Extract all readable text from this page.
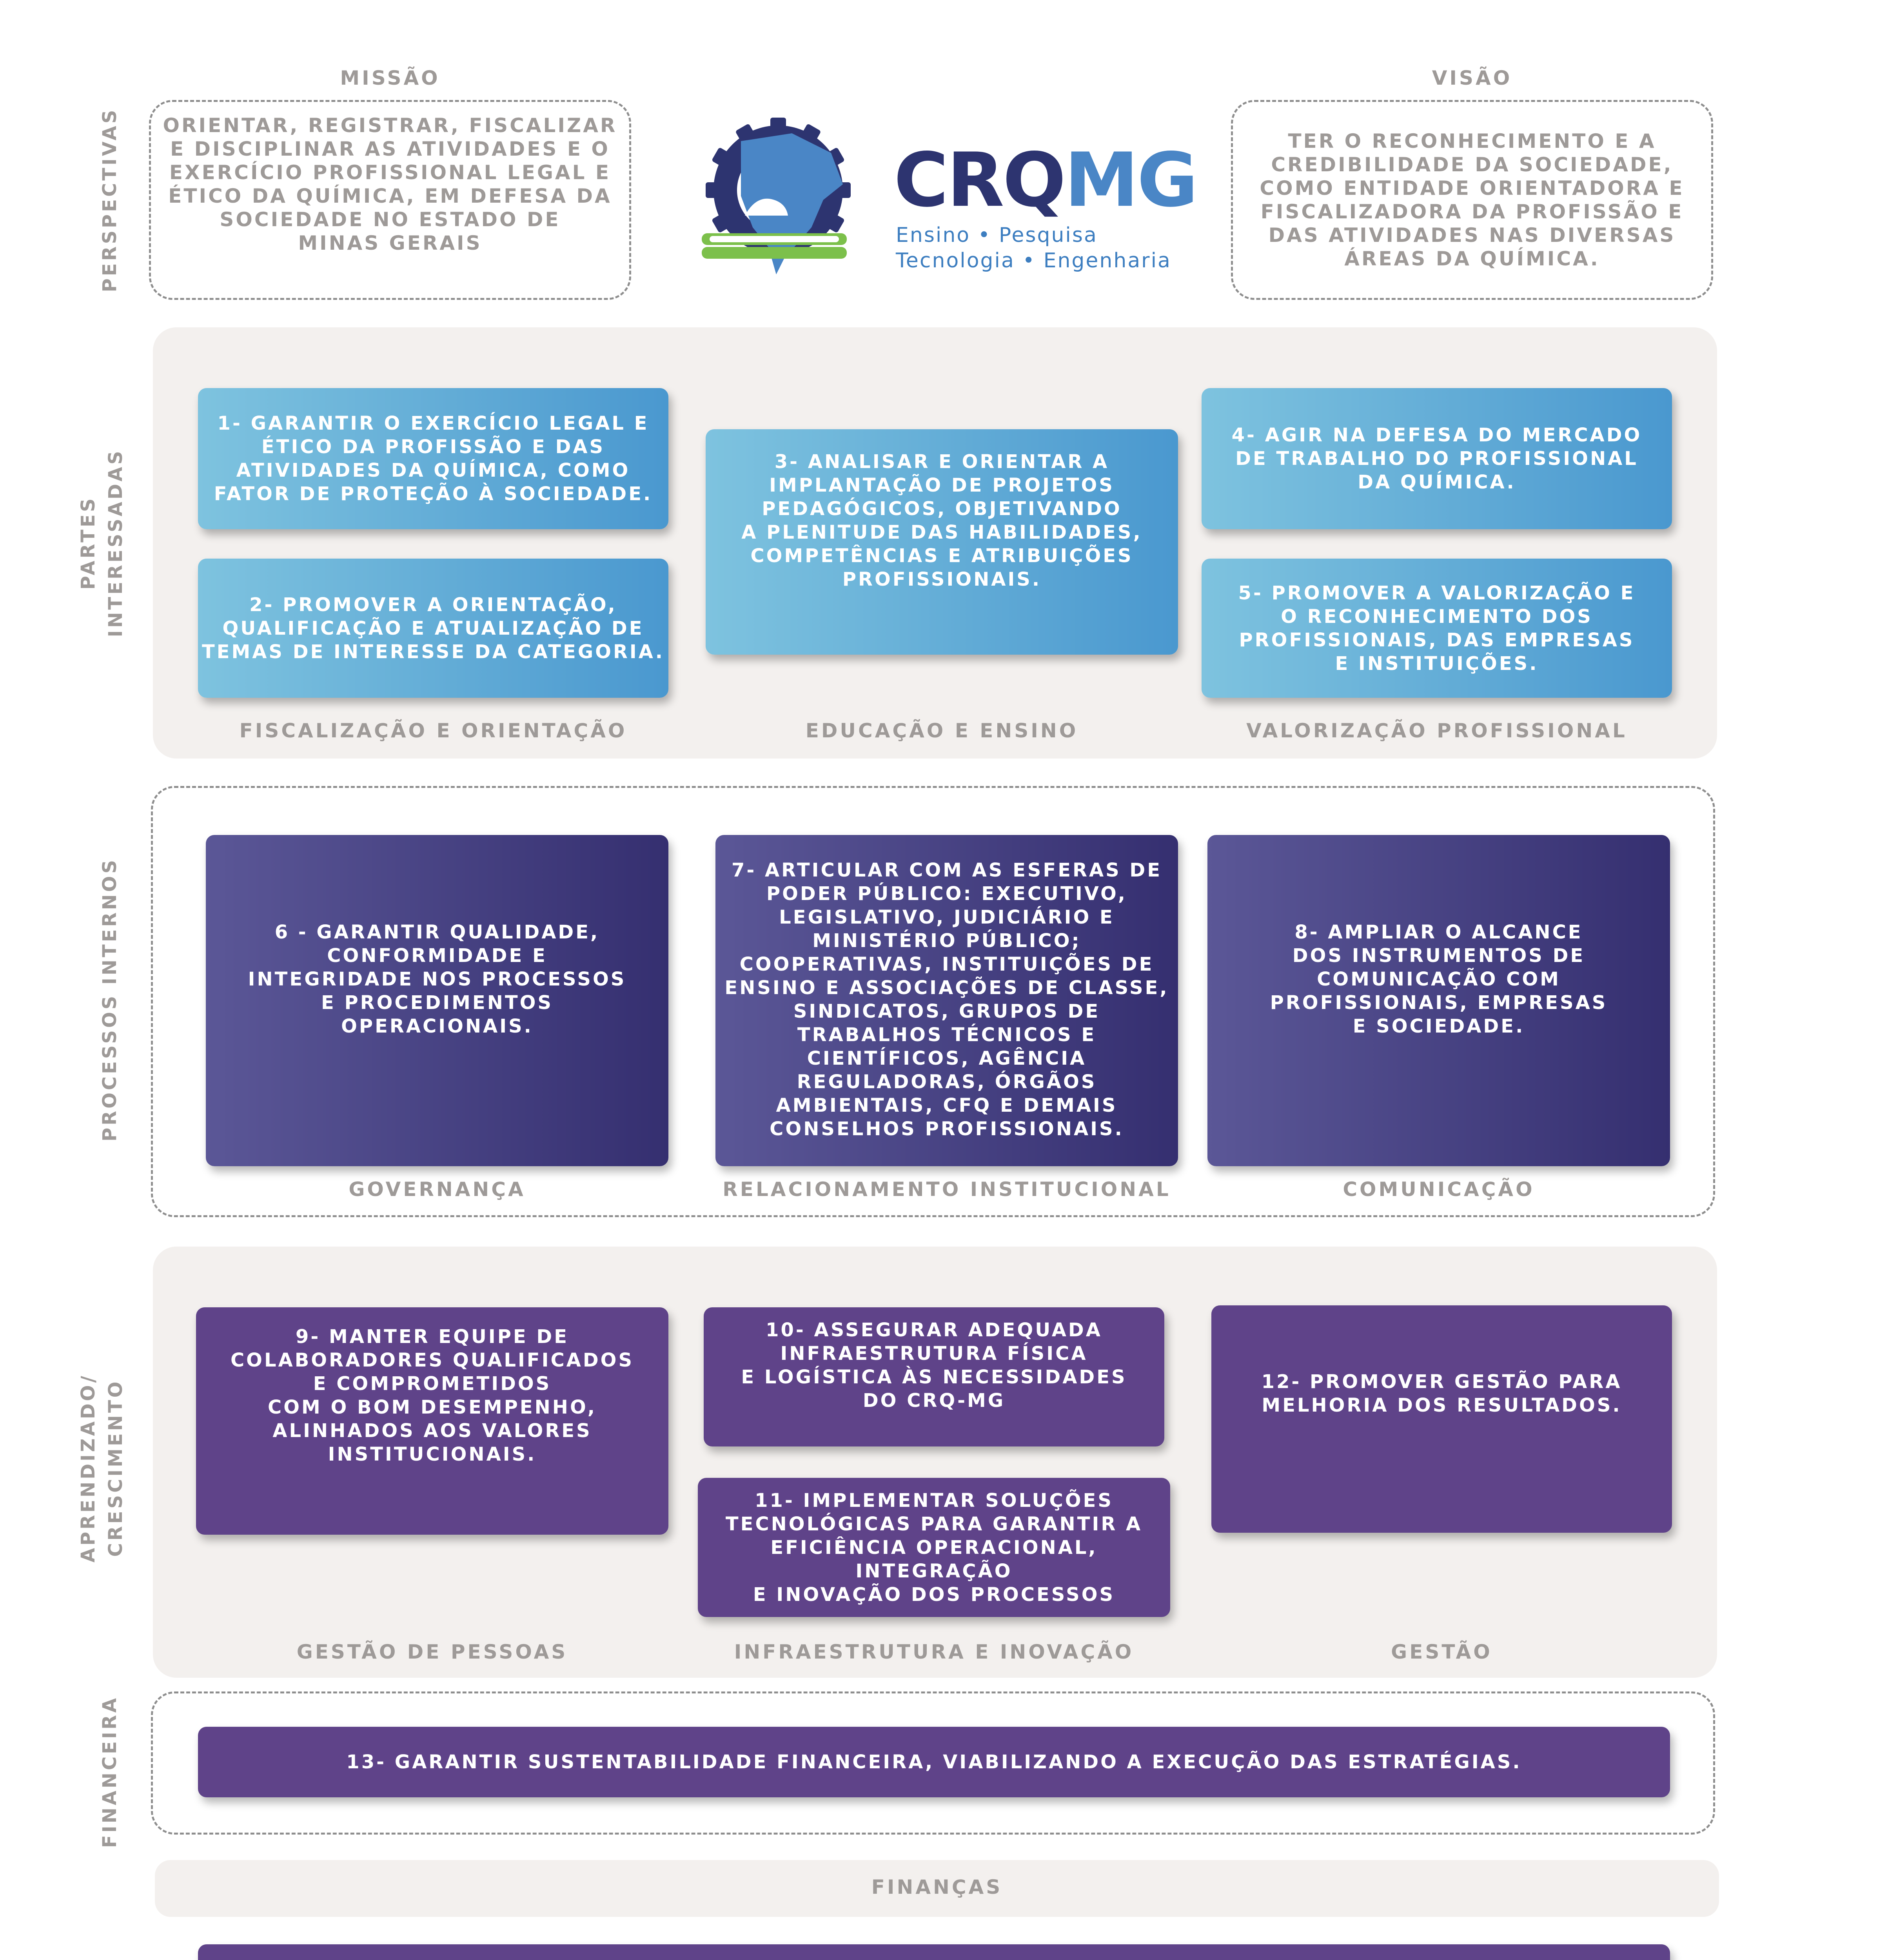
PERSPECTIVAS
PARTES
INTERESSADAS
PROCESSOS INTERNOS
APRENDIZADO/
CRESCIMENTO
FINANCEIRA
MISSÃO
ORIENTAR, REGISTRAR, FISCALIZAR
E DISCIPLINAR AS ATIVIDADES E O
EXERCÍCIO PROFISSIONAL LEGAL E
ÉTICO DA QUÍMICA, EM DEFESA DA
SOCIEDADE NO ESTADO DE
MINAS GERAIS
VISÃO
TER O RECONHECIMENTO E A
CREDIBILIDADE DA SOCIEDADE,
COMO ENTIDADE ORIENTADORA E
FISCALIZADORA DA PROFISSÃO E
DAS ATIVIDADES NAS DIVERSAS
ÁREAS DA QUÍMICA.
CRQMG
Ensino • Pesquisa
Tecnologia • Engenharia
1- GARANTIR O EXERCÍCIO LEGAL E
ÉTICO DA PROFISSÃO E DAS
ATIVIDADES DA QUÍMICA, COMO
FATOR DE PROTEÇÃO À SOCIEDADE.
2- PROMOVER A ORIENTAÇÃO,
QUALIFICAÇÃO E ATUALIZAÇÃO DE
TEMAS DE INTERESSE DA CATEGORIA.
3- ANALISAR E ORIENTAR A
IMPLANTAÇÃO DE PROJETOS
PEDAGÓGICOS, OBJETIVANDO
A PLENITUDE DAS HABILIDADES,
COMPETÊNCIAS E ATRIBUIÇÕES
PROFISSIONAIS.
4- AGIR NA DEFESA DO MERCADO
DE TRABALHO DO PROFISSIONAL
DA QUÍMICA.
5- PROMOVER A VALORIZAÇÃO E
O RECONHECIMENTO DOS
PROFISSIONAIS, DAS EMPRESAS
E INSTITUIÇÕES.
FISCALIZAÇÃO E ORIENTAÇÃO	EDUCAÇÃO E ENSINO	VALORIZAÇÃO PROFISSIONAL
6 - GARANTIR QUALIDADE,
CONFORMIDADE E
INTEGRIDADE NOS PROCESSOS
E PROCEDIMENTOS
OPERACIONAIS.
7- ARTICULAR COM AS ESFERAS DE
PODER PÚBLICO: EXECUTIVO,
LEGISLATIVO, JUDICIÁRIO E
MINISTÉRIO PÚBLICO;
COOPERATIVAS, INSTITUIÇÕES DE
ENSINO E ASSOCIAÇÕES DE CLASSE,
SINDICATOS, GRUPOS DE
TRABALHOS TÉCNICOS E
CIENTÍFICOS, AGÊNCIA
REGULADORAS, ÓRGÃOS
AMBIENTAIS, CFQ E DEMAIS
CONSELHOS PROFISSIONAIS.
8- AMPLIAR O ALCANCE
DOS INSTRUMENTOS DE
COMUNICAÇÃO COM
PROFISSIONAIS, EMPRESAS
E SOCIEDADE.
GOVERNANÇA	RELACIONAMENTO INSTITUCIONAL	COMUNICAÇÃO
9- MANTER EQUIPE DE
COLABORADORES QUALIFICADOS
E COMPROMETIDOS
COM O BOM DESEMPENHO,
ALINHADOS AOS VALORES
INSTITUCIONAIS.
10- ASSEGURAR ADEQUADA
INFRAESTRUTURA FÍSICA
E LOGÍSTICA ÀS NECESSIDADES
DO CRQ-MG
11- IMPLEMENTAR SOLUÇÕES
TECNOLÓGICAS PARA GARANTIR A
EFICIÊNCIA OPERACIONAL,
INTEGRAÇÃO
E INOVAÇÃO DOS PROCESSOS
12- PROMOVER GESTÃO PARA
MELHORIA DOS RESULTADOS.
GESTÃO DE PESSOAS	INFRAESTRUTURA E INOVAÇÃO	GESTÃO
13- GARANTIR SUSTENTABILIDADE FINANCEIRA, VIABILIZANDO A EXECUÇÃO DAS ESTRATÉGIAS.
FINANÇAS
